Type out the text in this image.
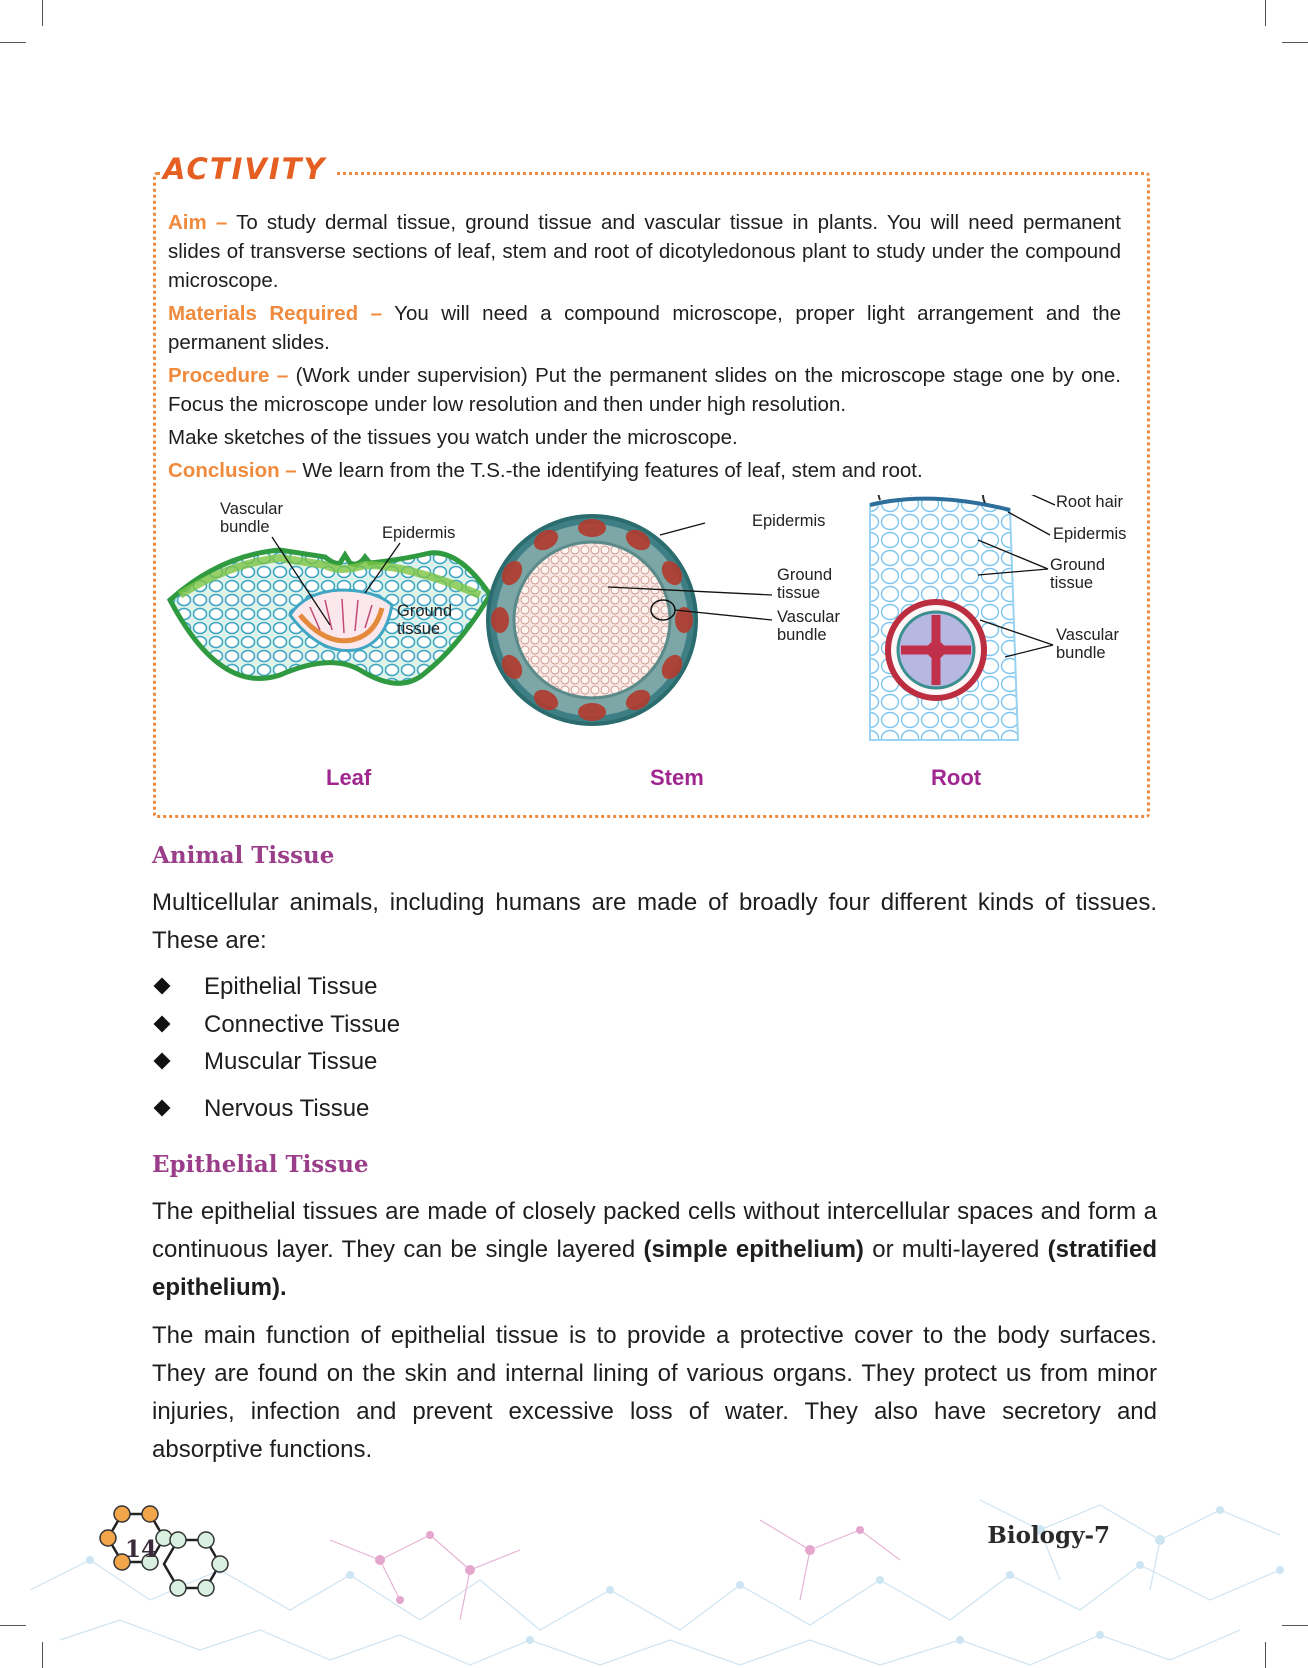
ACTIVITY

Aim – To study dermal tissue, ground tissue and vascular tissue in plants. You will need permanent slides of transverse sections of leaf, stem and root of dicotyledonous plant to study under the compound microscope.

Materials Required – You will need a compound microscope, proper light arrangement and the permanent slides.

Procedure – (Work under supervision) Put the permanent slides on the microscope stage one by one. Focus the microscope under low resolution and then under high resolution.

Make sketches of the tissues you watch under the microscope.

Conclusion – We learn from the T.S.-the identifying features of leaf, stem and root.

Vascular
bundle	Epidermis
Ground
tissue
Leaf
Epidermis
Ground
tissue
Vascular
bundle
Stem
Root hair
Epidermis
Ground
tissue
Vascular
bundle
Root
Animal Tissue
Multicellular animals, including humans are made of broadly four different kinds of tissues. These are:
Epithelial Tissue
Connective Tissue
Muscular Tissue
Nervous Tissue
Epithelial Tissue
The epithelial tissues are made of closely packed cells without intercellular spaces and form a continuous layer. They can be single layered (simple epithelium) or multi-layered (stratified epithelium).
The main function of epithelial tissue is to provide a protective cover to the body surfaces. They are found on the skin and internal lining of various organs. They protect us from minor injuries, infection and prevent excessive loss of water. They also have secretory and absorptive functions.
14
Biology-7
